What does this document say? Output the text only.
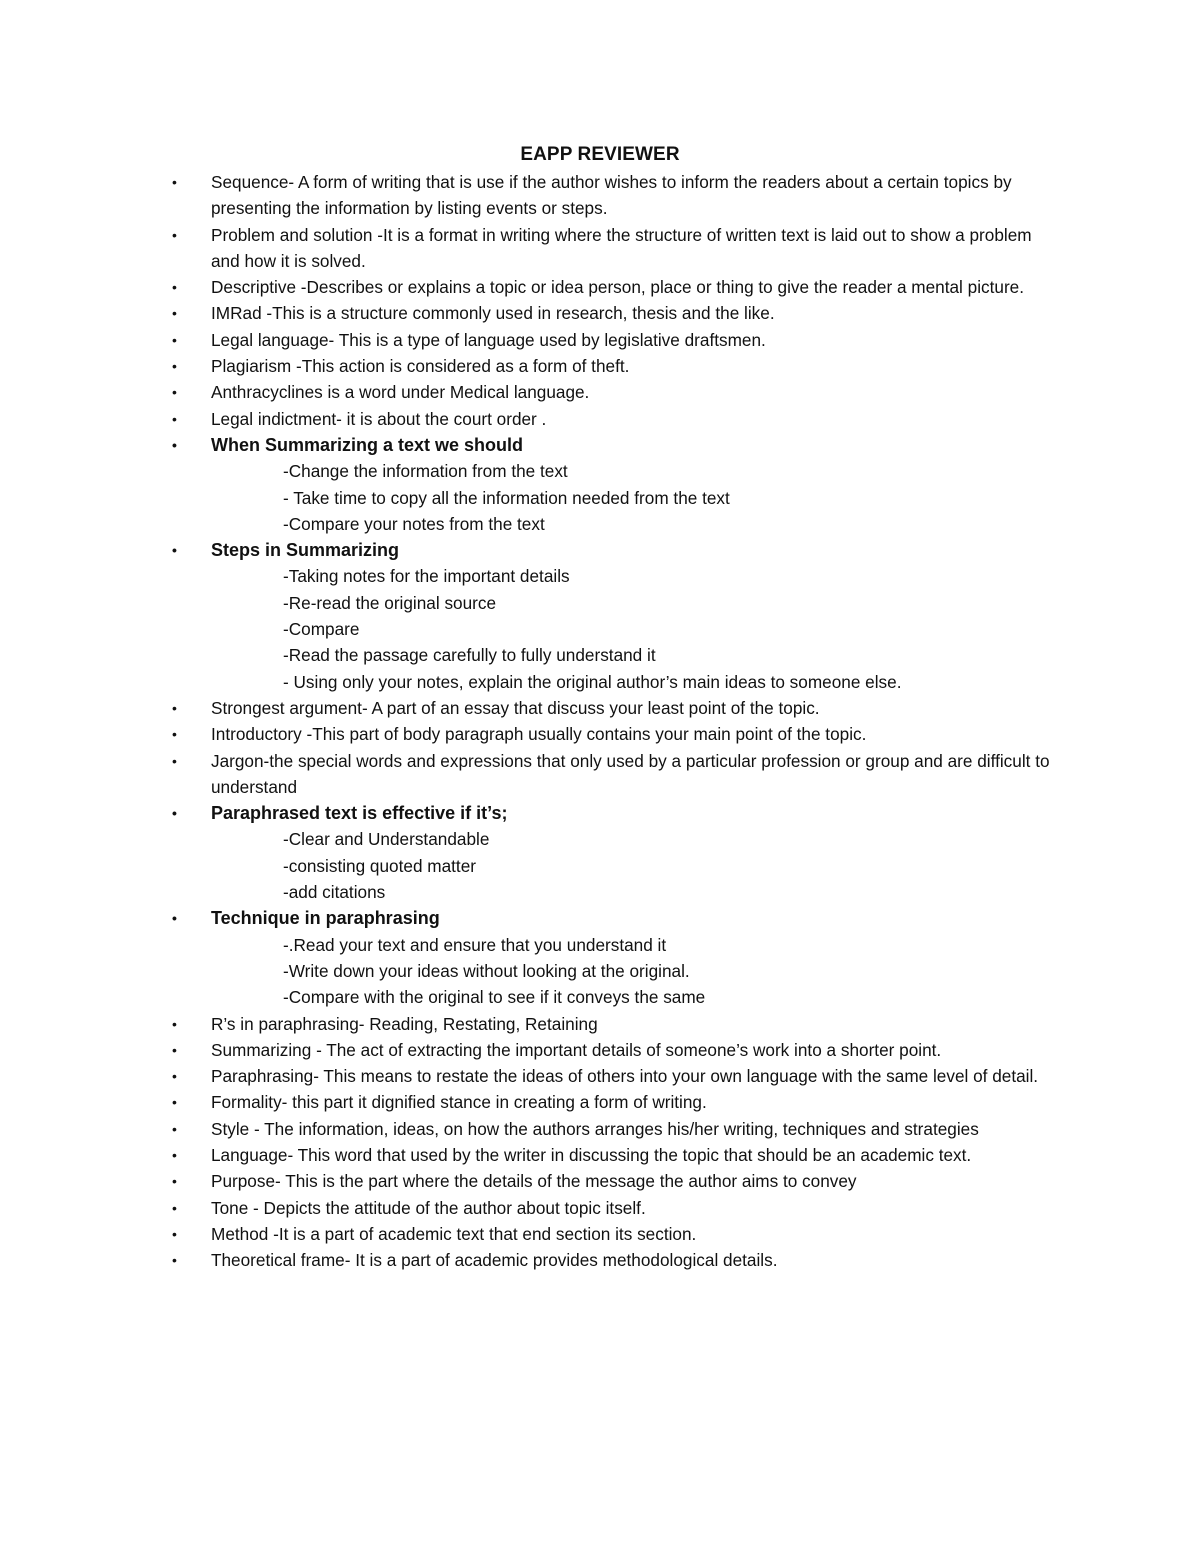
EAPP REVIEWER
•	Sequence- A form of writing that is use if the author wishes to inform the readers about a certain topics by presenting the information by listing events or steps.
•	Problem and solution -It is a format in writing where the structure of written text is laid out to show a problem and how it is solved.
•	Descriptive -Describes or explains a topic or idea person, place or thing to give the reader a mental picture.
•	IMRad -This is a structure commonly used in research, thesis and the like.
•	Legal language- This is a type of language used by legislative draftsmen.
•	Plagiarism -This action is considered as a form of theft.
•	Anthracyclines is a word under Medical language.
•	Legal indictment- it is about the court order .
•	When Summarizing a text we should
-Change the information from the text
- Take time to copy all the information needed from the text
-Compare your notes from the text
•	Steps in Summarizing
-Taking notes for the important details
-Re-read the original source
-Compare
-Read the passage carefully to fully understand it
- Using only your notes, explain the original author’s main ideas to someone else.
•	Strongest argument- A part of an essay that discuss your least point of the topic.
•	Introductory -This part of body paragraph usually contains your main point of the topic.
•	Jargon-the special words and expressions that only used by a particular profession or group and are difficult to understand
•	Paraphrased text is effective if it’s;
-Clear and Understandable
-consisting quoted matter
-add citations
•	Technique in paraphrasing
-.Read your text and ensure that you understand it
-Write down your ideas without looking at the original.
-Compare with the original to see if it conveys the same
•	R’s in paraphrasing- Reading, Restating, Retaining
•	Summarizing - The act of extracting the important details of someone’s work into a shorter point.
•	Paraphrasing- This means to restate the ideas of others into your own language with the same level of detail.
•	Formality- this part it dignified stance in creating a form of writing.
•	Style - The information, ideas, on how the authors arranges his/her writing, techniques and strategies
•	Language- This word that used by the writer in discussing the topic that should be an academic text.
•	Purpose- This is the part where the details of the message the author aims to convey
•	Tone - Depicts the attitude of the author about topic itself.
•	Method -It is a part of academic text that end section its section.
•	Theoretical frame- It is a part of academic provides methodological details.
